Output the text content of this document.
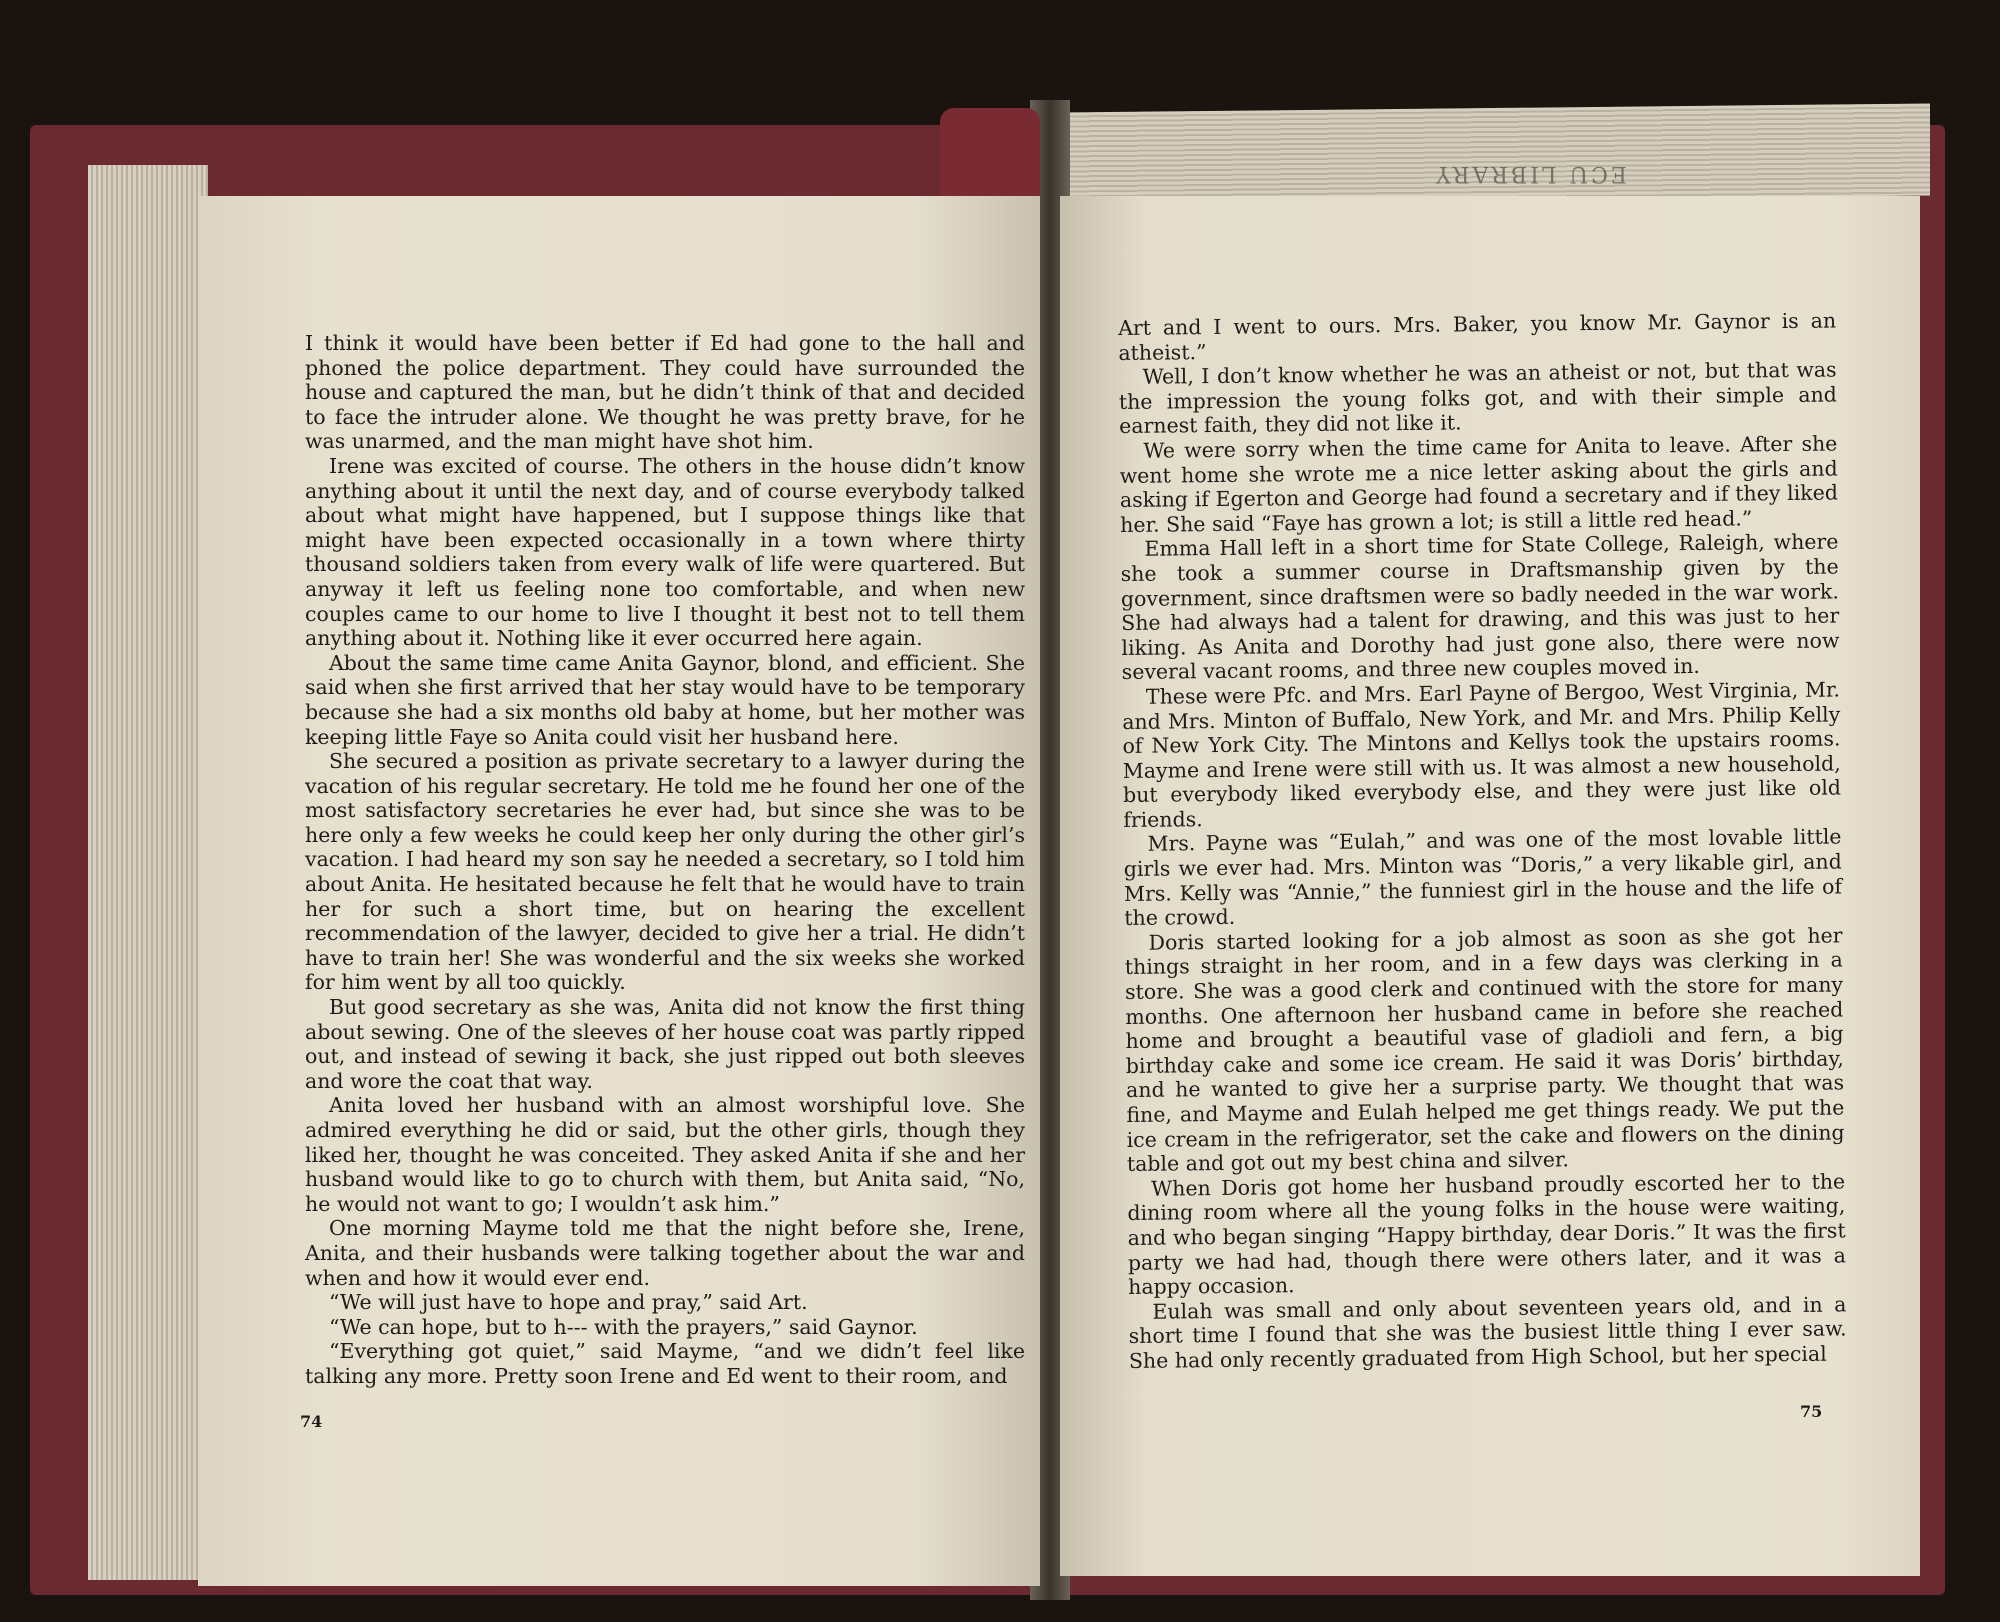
ECU LIBRARY

I think it would have been better if Ed had gone to the hall and phoned the police department. They could have surrounded the house and captured the man, but he didn’t think of that and decided to face the intruder alone. We thought he was pretty brave, for he was unarmed, and the man might have shot him.

Irene was excited of course. The others in the house didn’t know anything about it until the next day, and of course everybody talked about what might have happened, but I suppose things like that might have been expected occasionally in a town where thirty thousand soldiers taken from every walk of life were quartered. But anyway it left us feeling none too comfortable, and when new couples came to our home to live I thought it best not to tell them anything about it. Nothing like it ever occurred here again.

About the same time came Anita Gaynor, blond, and efficient. She said when she first arrived that her stay would have to be temporary because she had a six months old baby at home, but her mother was keeping little Faye so Anita could visit her husband here.

She secured a position as private secretary to a lawyer during the vacation of his regular secretary. He told me he found her one of the most satisfactory secretaries he ever had, but since she was to be here only a few weeks he could keep her only during the other girl’s vacation. I had heard my son say he needed a secretary, so I told him about Anita. He hesitated because he felt that he would have to train her for such a short time, but on hearing the excellent recommendation of the lawyer, decided to give her a trial. He didn’t have to train her! She was wonderful and the six weeks she worked for him went by all too quickly.

But good secretary as she was, Anita did not know the first thing about sewing. One of the sleeves of her house coat was partly ripped out, and instead of sewing it back, she just ripped out both sleeves and wore the coat that way.

Anita loved her husband with an almost worshipful love. She admired everything he did or said, but the other girls, though they liked her, thought he was conceited. They asked Anita if she and her husband would like to go to church with them, but Anita said, “No, he would not want to go; I wouldn’t ask him.”

One morning Mayme told me that the night before she, Irene, Anita, and their husbands were talking together about the war and when and how it would ever end.

“We will just have to hope and pray,” said Art.

“We can hope, but to h--- with the prayers,” said Gaynor.

“Everything got quiet,” said Mayme, “and we didn’t feel like talking any more. Pretty soon Irene and Ed went to their room, and

74

Art and I went to ours. Mrs. Baker, you know Mr. Gaynor is an atheist.”

Well, I don’t know whether he was an atheist or not, but that was the impression the young folks got, and with their simple and earnest faith, they did not like it.

We were sorry when the time came for Anita to leave. After she went home she wrote me a nice letter asking about the girls and asking if Egerton and George had found a secretary and if they liked her. She said “Faye has grown a lot; is still a little red head.”

Emma Hall left in a short time for State College, Raleigh, where she took a summer course in Draftsmanship given by the government, since draftsmen were so badly needed in the war work. She had always had a talent for drawing, and this was just to her liking. As Anita and Dorothy had just gone also, there were now several vacant rooms, and three new couples moved in.

These were Pfc. and Mrs. Earl Payne of Bergoo, West Virginia, Mr. and Mrs. Minton of Buffalo, New York, and Mr. and Mrs. Philip Kelly of New York City. The Mintons and Kellys took the upstairs rooms. Mayme and Irene were still with us. It was almost a new household, but everybody liked everybody else, and they were just like old friends.

Mrs. Payne was “Eulah,” and was one of the most lovable little girls we ever had. Mrs. Minton was “Doris,” a very likable girl, and Mrs. Kelly was “Annie,” the funniest girl in the house and the life of the crowd.

Doris started looking for a job almost as soon as she got her things straight in her room, and in a few days was clerking in a store. She was a good clerk and continued with the store for many months. One afternoon her husband came in before she reached home and brought a beautiful vase of gladioli and fern, a big birthday cake and some ice cream. He said it was Doris’ birthday, and he wanted to give her a surprise party. We thought that was fine, and Mayme and Eulah helped me get things ready. We put the ice cream in the refrigerator, set the cake and flowers on the dining table and got out my best china and silver.

When Doris got home her husband proudly escorted her to the dining room where all the young folks in the house were waiting, and who began singing “Happy birthday, dear Doris.” It was the first party we had had, though there were others later, and it was a happy occasion.

Eulah was small and only about seventeen years old, and in a short time I found that she was the busiest little thing I ever saw. She had only recently graduated from High School, but her special

75
